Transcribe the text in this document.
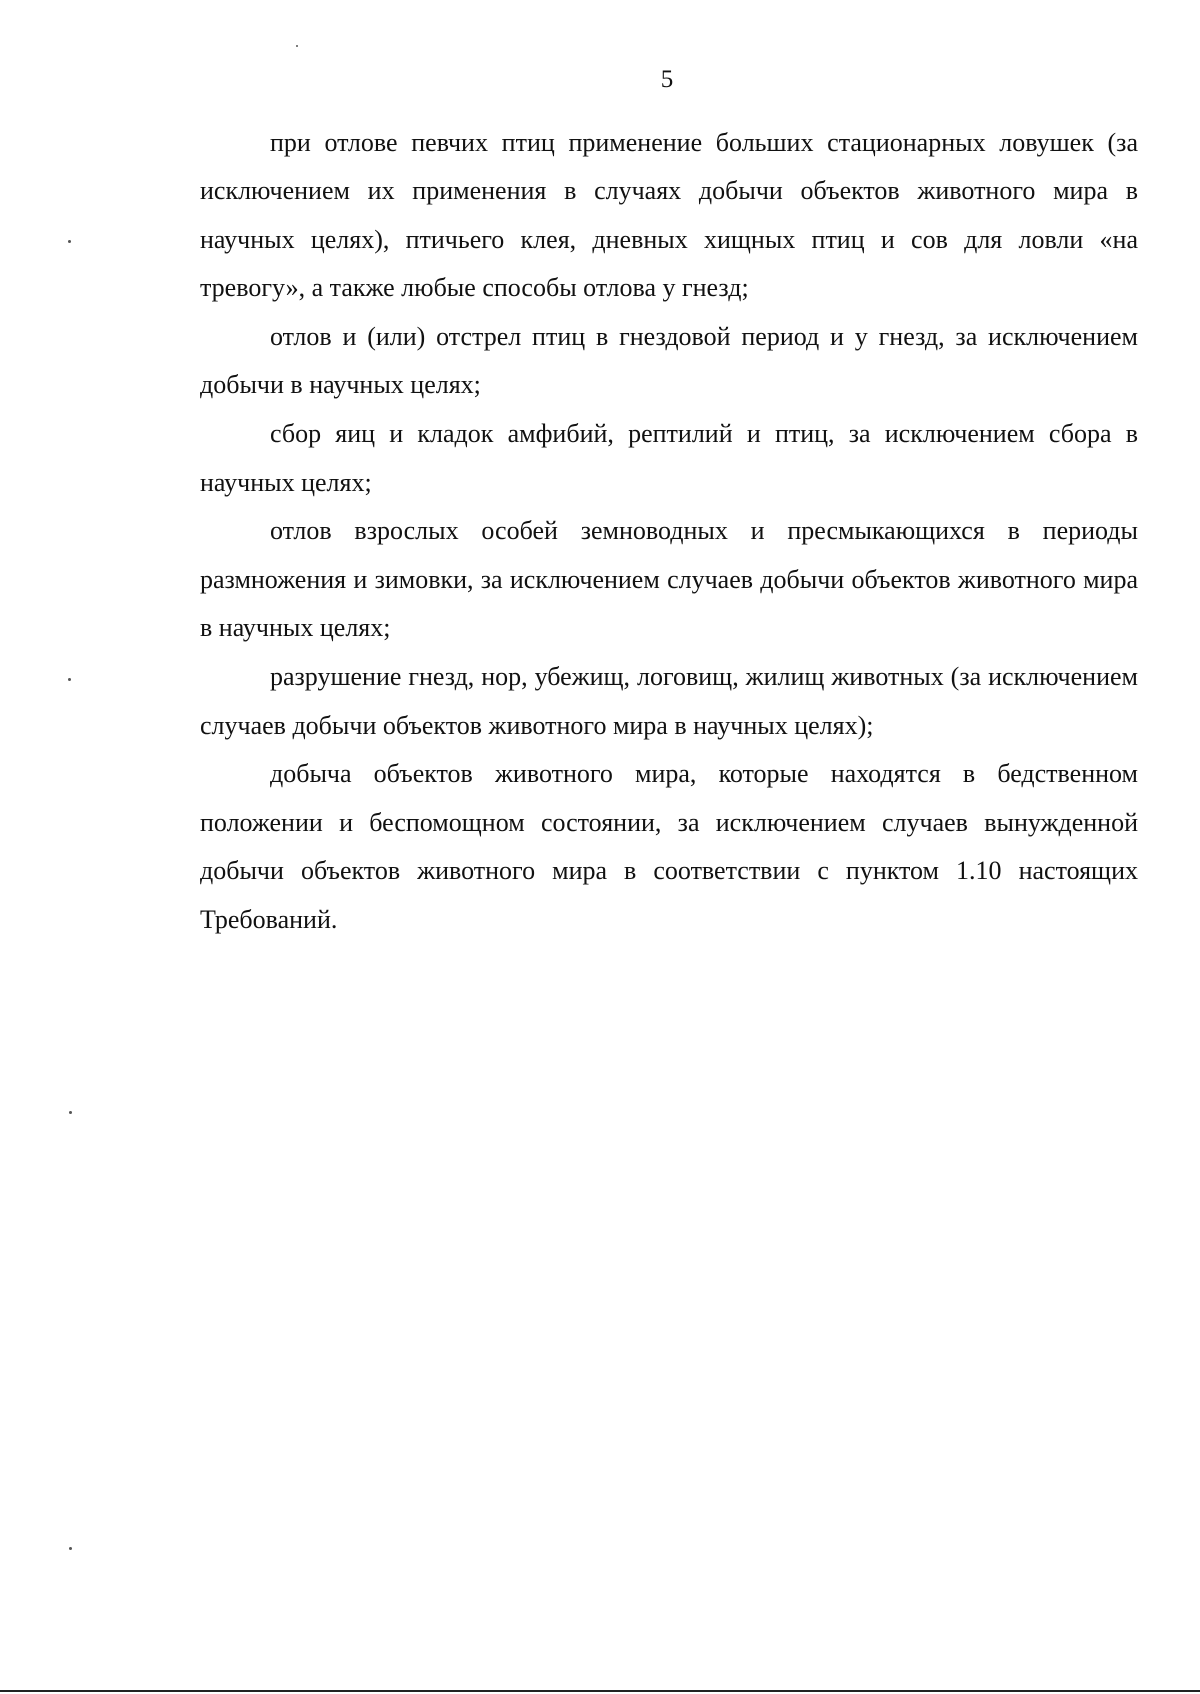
5

при отлове певчих птиц применение больших стационарных ловушек (за исключением их применения в случаях добычи объектов животного мира в научных целях), птичьего клея, дневных хищных птиц и сов для ловли «на тревогу», а также любые способы отлова у гнезд;

отлов и (или) отстрел птиц в гнездовой период и у гнезд, за исключением добычи в научных целях;

сбор яиц и кладок амфибий, рептилий и птиц, за исключением сбора в научных целях;

отлов взрослых особей земноводных и пресмыкающихся в периоды размножения и зимовки, за исключением случаев добычи объектов животного мира в научных целях;

разрушение гнезд, нор, убежищ, логовищ, жилищ животных (за исключением случаев добычи объектов животного мира в научных целях);

добыча объектов животного мира, которые находятся в бедственном положении и беспомощном состоянии, за исключением случаев вынужденной добычи объектов животного мира в соответствии с пунктом 1.10 настоящих Требований.
